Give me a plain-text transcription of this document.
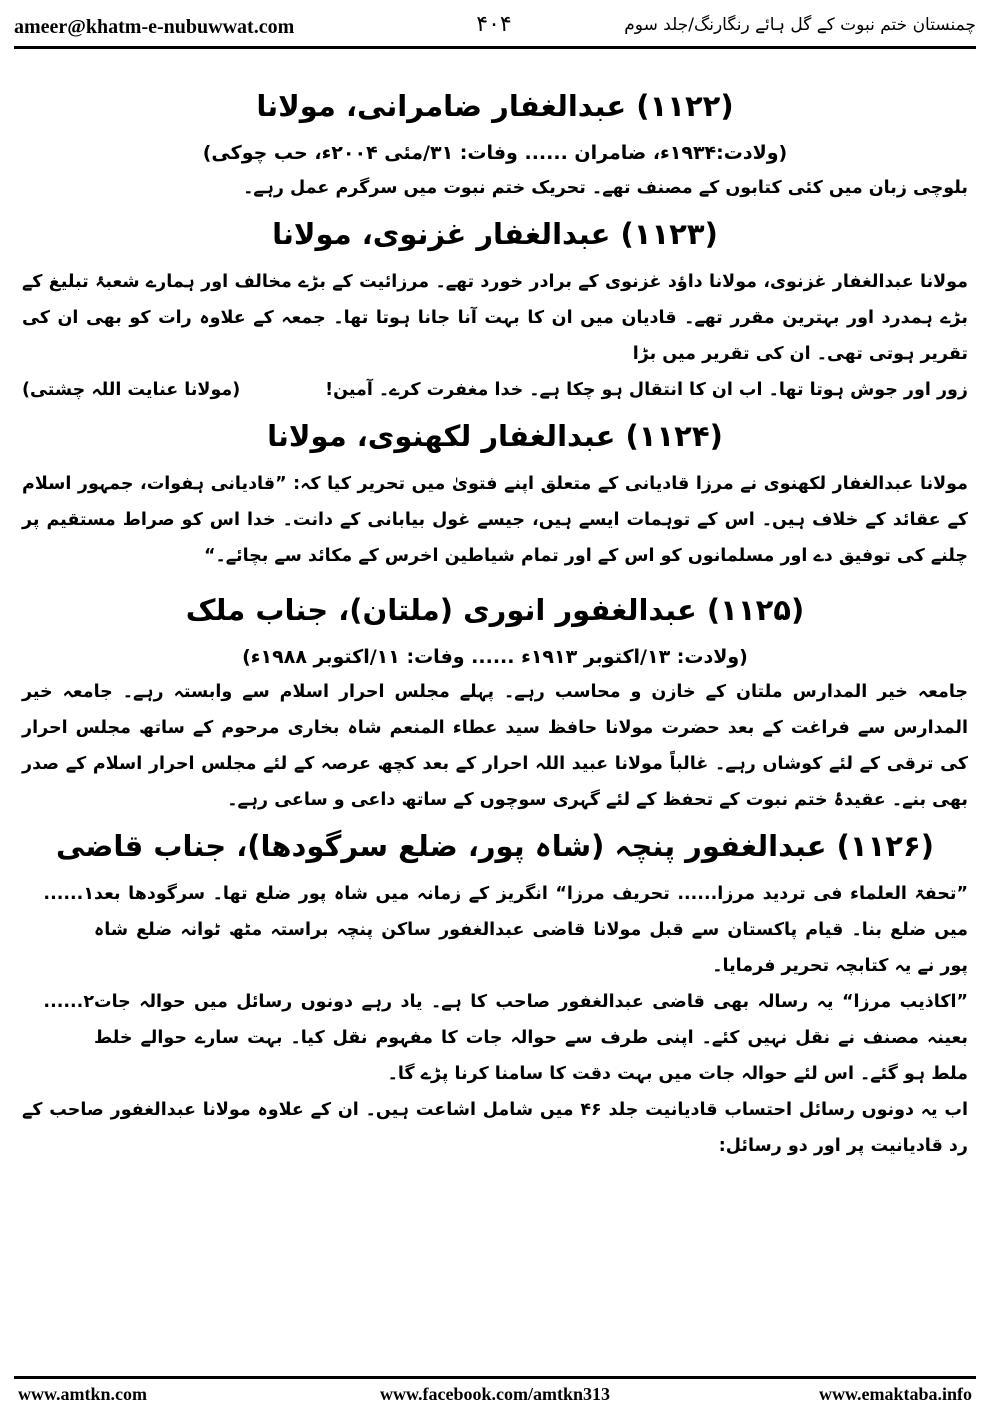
ameer@khatm-e-nubuwwat.com	۴۰۴	چمنستان ختم نبوت کے گل ہائے رنگارنگ/جلد سوم
(۱۱۲۲) عبدالغفار ضامرانی، مولانا

(ولادت:۱۹۳۴ء، ضامران ...... وفات: ۳۱/مئی ۲۰۰۴ء، حب چوکی)

بلوچی زبان میں کئی کتابوں کے مصنف تھے۔ تحریک ختم نبوت میں سرگرم عمل رہے۔

(۱۱۲۳) عبدالغفار غزنوی، مولانا

مولانا عبدالغفار غزنوی، مولانا داؤد غزنوی کے برادر خورد تھے۔ مرزائیت کے بڑے مخالف اور ہمارے شعبۂ تبلیغ کے بڑے ہمدرد اور بہترین مقرر تھے۔ قادیان میں ان کا بہت آنا جانا ہوتا تھا۔ جمعہ کے علاوہ رات کو بھی ان کی تقریر ہوتی تھی۔ ان کی تقریر میں بڑا

زور اور جوش ہوتا تھا۔ اب ان کا انتقال ہو چکا ہے۔ خدا مغفرت کرے۔ آمین!
(مولانا عنایت اللہ چشتی)
(۱۱۲۴) عبدالغفار لکھنوی، مولانا

مولانا عبدالغفار لکھنوی نے مرزا قادیانی کے متعلق اپنے فتویٰ میں تحریر کیا کہ: ”قادیانی ہفوات، جمہور اسلام کے عقائد کے خلاف ہیں۔ اس کے توہمات ایسے ہیں، جیسے غول بیابانی کے دانت۔ خدا اس کو صراط مستقیم پر چلنے کی توفیق دے اور مسلمانوں کو اس کے اور تمام شیاطین اخرس کے مکائد سے بچائے۔“

(۱۱۲۵) عبدالغفور انوری (ملتان)، جناب ملک

(ولادت: ۱۳/اکتوبر ۱۹۱۳ء ...... وفات: ۱۱/اکتوبر ۱۹۸۸ء)

جامعہ خیر المدارس ملتان کے خازن و محاسب رہے۔ پہلے مجلس احرار اسلام سے وابستہ رہے۔ جامعہ خیر المدارس سے فراغت کے بعد حضرت مولانا حافظ سید عطاء المنعم شاہ بخاری مرحوم کے ساتھ مجلس احرار کی ترقی کے لئے کوشاں رہے۔ غالباً مولانا عبید اللہ احرار کے بعد کچھ عرصہ کے لئے مجلس احرار اسلام کے صدر بھی بنے۔ عقیدۂ ختم نبوت کے تحفظ کے لئے گہری سوچوں کے ساتھ داعی و ساعی رہے۔

(۱۱۲۶) عبدالغفور پنچہ (شاہ پور، ضلع سرگودھا)، جناب قاضی
”تحفۃ العلماء فی تردید مرزا...... تحریف مرزا“ انگریز کے زمانہ میں شاہ پور ضلع تھا۔ سرگودھا بعد میں ضلع بنا۔ قیام پاکستان سے قبل مولانا قاضی عبدالغفور ساکن پنچہ براستہ مٹھ ٹوانہ ضلع شاہ پور نے یہ کتابچہ تحریر فرمایا۔
۱......
”اکاذیب مرزا“ یہ رسالہ بھی قاضی عبدالغفور صاحب کا ہے۔ یاد رہے دونوں رسائل میں حوالہ جات بعینہ مصنف نے نقل نہیں کئے۔ اپنی طرف سے حوالہ جات کا مفہوم نقل کیا۔ بہت سارے حوالے خلط ملط ہو گئے۔ اس لئے حوالہ جات میں بہت دقت کا سامنا کرنا پڑے گا۔
۲......

اب یہ دونوں رسائل احتساب قادیانیت جلد ۴۶ میں شامل اشاعت ہیں۔ ان کے علاوہ مولانا عبدالغفور صاحب کے رد قادیانیت پر اور دو رسائل:

www.amtkn.com	www.facebook.com/amtkn313	www.emaktaba.info
